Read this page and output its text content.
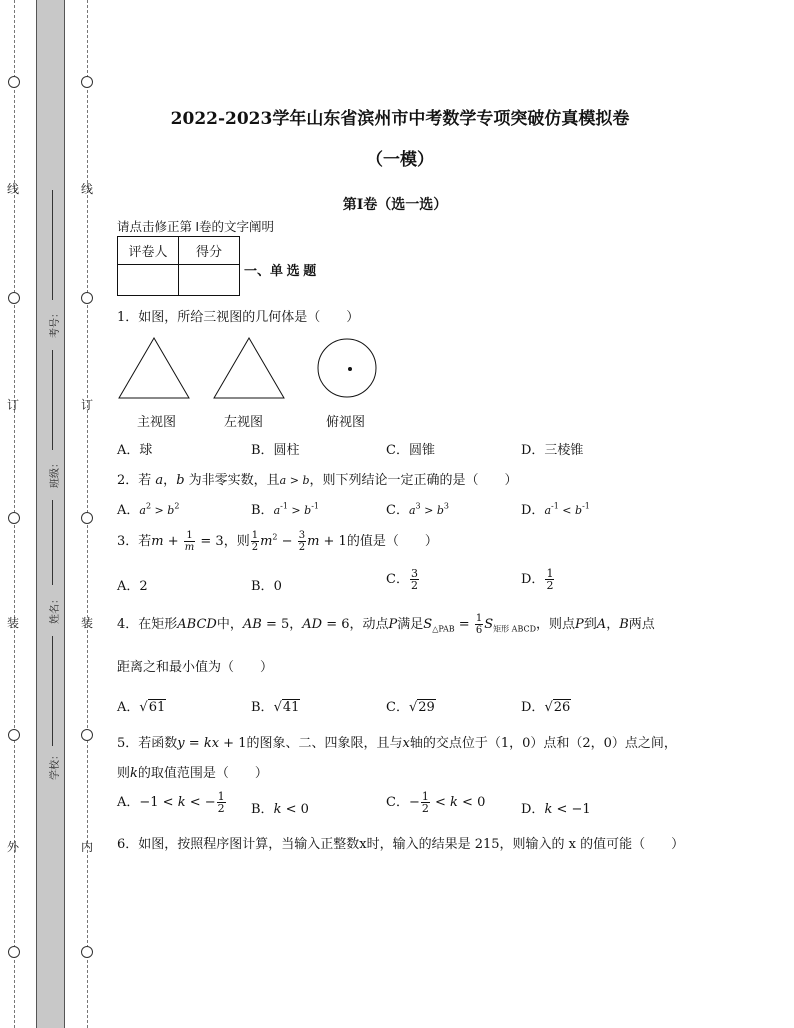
线
订
装
外
线
订
装
内
考号：
班级：
姓名：
学校：
2022-2023学年山东省滨州市中考数学专项突破仿真模拟卷
（一模）
第I卷（选一选）
请点击修正第 I卷的文字阐明
评卷人	得分

一、单 选 题
1．如图，所给三视图的几何体是（　　）
主视图	左视图	俯视图
A．球	B．圆柱	C．圆锥	D．三棱锥
2．若 a，b 为非零实数，且a > b，则下列结论一定正确的是（　　）
A．$a^2 > b^2$	B．$a^{-1} > b^{-1}$	C．$a^3 > b^3$	D．$a^{-1} < b^{-1}$
3．若$m + \frac{1}{m} = 3$，则 $\frac{1}{2} m^2 - \frac{3}{2}$ m + 1的值是（　　）
A．2	B．0	C． $\frac{3}{2}$	D． $\frac{1}{2}$
4．在矩形ABCD中，AB = 5，AD = 6，动点P满足$S_{\triangle PAB} = \frac{1}{6} S_{矩形 ABCD}$，则点P到A，B两点
距离之和最小值为（　　）
A．√61	B．√41	C．√29	D．√26
5．若函数y = kx + 1的图象、二、四象限，且与x轴的交点位于（1，0）点和（2，0）点之间，
则k的取值范围是（　　）
A．−1 < k < − $\frac{1}{2}$ B．k < 0	C．− $\frac{1}{2} < k < 0$	D．k < −1
6．如图，按照程序图计算，当输入正整数x时，输入的结果是 215，则输入的 x 的值可能（　　）
